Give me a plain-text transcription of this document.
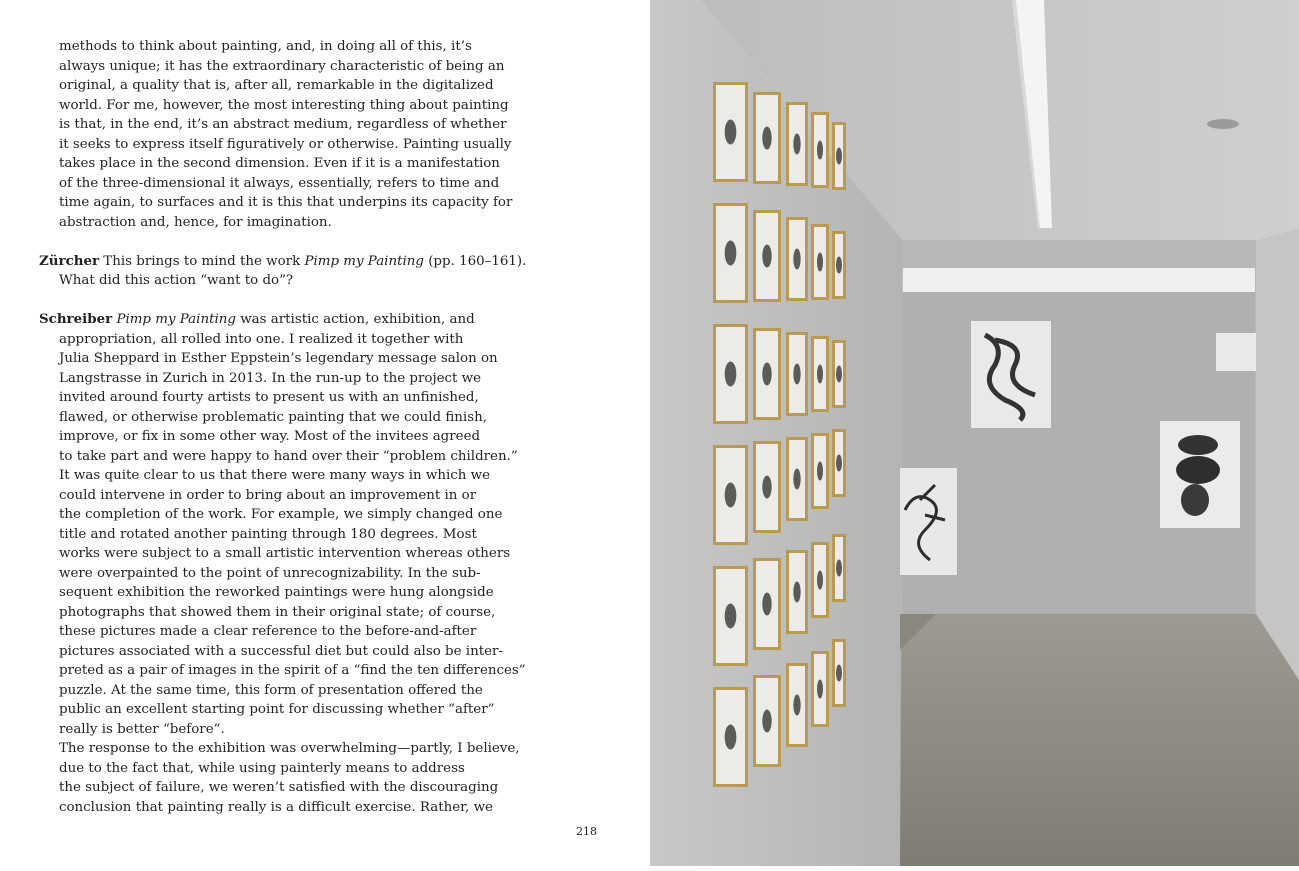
methods to think about painting, and, in doing all of this, it’s
always unique; it has the extraordinary characteristic of being an
original, a quality that is, after all, remarkable in the digitalized
world. For me, however, the most interesting thing about painting
is that, in the end, it’s an abstract medium, regardless of whether
it seeks to express itself figuratively or otherwise. Painting usually
takes place in the second dimension. Even if it is a manifestation
of the three-dimensional it always, essentially, refers to time and
time again, to surfaces and it is this that underpins its capacity for
abstraction and, hence, for imagination.
Zürcher This brings to mind the work Pimp my Painting (pp. 160–161).
What did this action “want to do”?
Schreiber Pimp my Painting was artistic action, exhibition, and
appropriation, all rolled into one. I realized it together with
Julia Sheppard in Esther Eppstein’s legendary message salon on
Langstrasse in Zurich in 2013. In the run-up to the project we
invited around fourty artists to present us with an unfinished,
flawed, or otherwise problematic painting that we could finish,
improve, or fix in some other way. Most of the invitees agreed
to take part and were happy to hand over their “problem children.”
It was quite clear to us that there were many ways in which we
could intervene in order to bring about an improvement in or
the completion of the work. For example, we simply changed one
title and rotated another painting through 180 degrees. Most
works were subject to a small artistic intervention whereas others
were overpainted to the point of unrecognizability. In the sub-
sequent exhibition the reworked paintings were hung alongside
photographs that showed them in their original state; of course,
these pictures made a clear reference to the before-and-after
pictures associated with a successful diet but could also be inter-
preted as a pair of images in the spirit of a “find the ten differences”
puzzle. At the same time, this form of presentation offered the
public an excellent starting point for discussing whether “after”
really is better “before”.
The response to the exhibition was overwhelming—partly, I believe,
due to the fact that, while using painterly means to address
the subject of failure, we weren’t satisfied with the discouraging
conclusion that painting really is a difficult exercise. Rather, we
218
